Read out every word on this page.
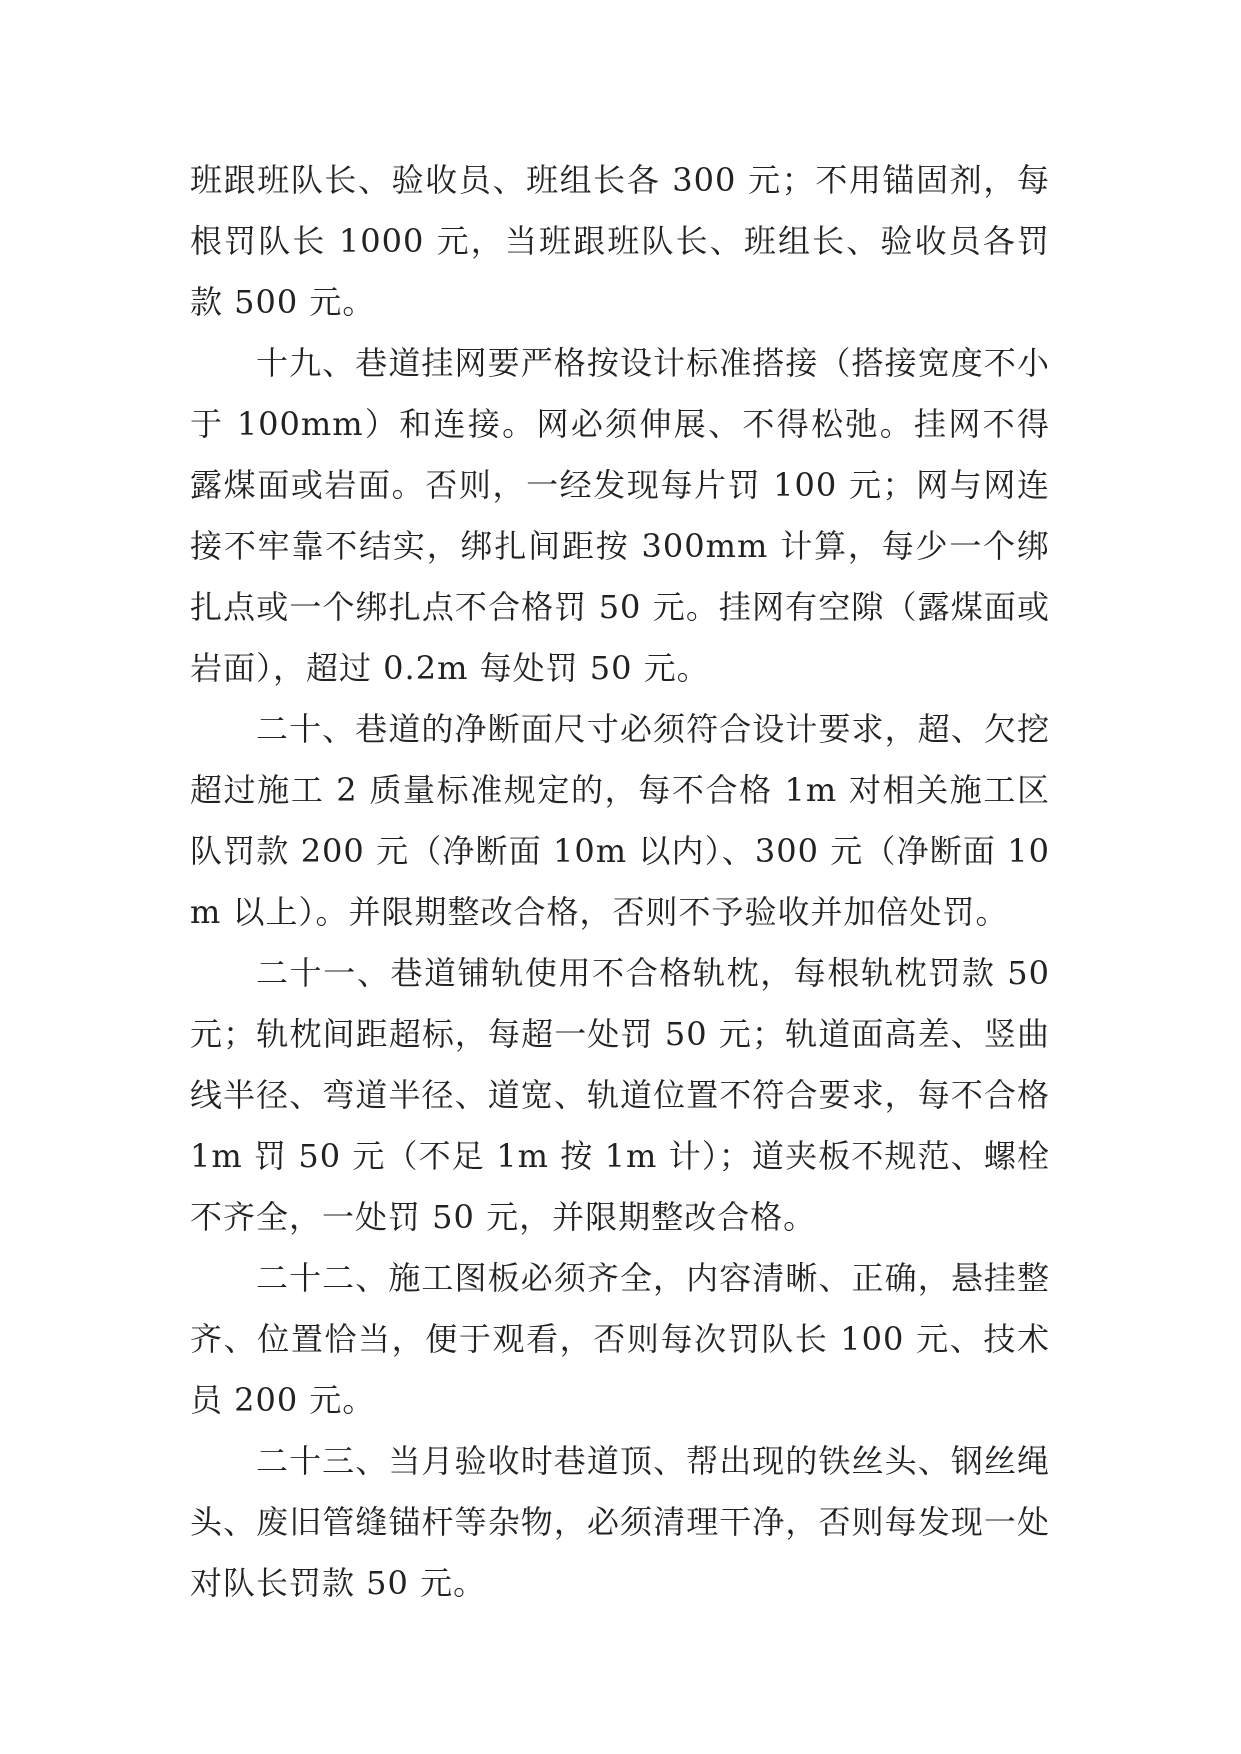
班跟班队长、验收员、班组长各 300 元；不用锚固剂，每根罚队长 1000 元，当班跟班队长、班组长、验收员各罚款 500 元。

十九、巷道挂网要严格按设计标准搭接（搭接宽度不小于 100mm）和连接。网必须伸展、不得松弛。挂网不得露煤面或岩面。否则，一经发现每片罚 100 元；网与网连接不牢靠不结实，绑扎间距按 300mm 计算，每少一个绑扎点或一个绑扎点不合格罚 50 元。挂网有空隙（露煤面或岩面），超过 0.2m 每处罚 50 元。

二十、巷道的净断面尺寸必须符合设计要求，超、欠挖超过施工 2 质量标准规定的，每不合格 1m 对相关施工区队罚款 200 元（净断面 10m 以内）、300 元（净断面 10m 以上）。并限期整改合格，否则不予验收并加倍处罚。

二十一、巷道铺轨使用不合格轨枕，每根轨枕罚款 50 元；轨枕间距超标，每超一处罚 50 元；轨道面高差、竖曲线半径、弯道半径、道宽、轨道位置不符合要求，每不合格 1m 罚 50 元（不足 1m 按 1m 计）；道夹板不规范、螺栓不齐全，一处罚 50 元，并限期整改合格。

二十二、施工图板必须齐全，内容清晰、正确，悬挂整齐、位置恰当，便于观看，否则每次罚队长 100 元、技术员 200 元。

二十三、当月验收时巷道顶、帮出现的铁丝头、钢丝绳头、废旧管缝锚杆等杂物，必须清理干净，否则每发现一处对队长罚款 50 元。
